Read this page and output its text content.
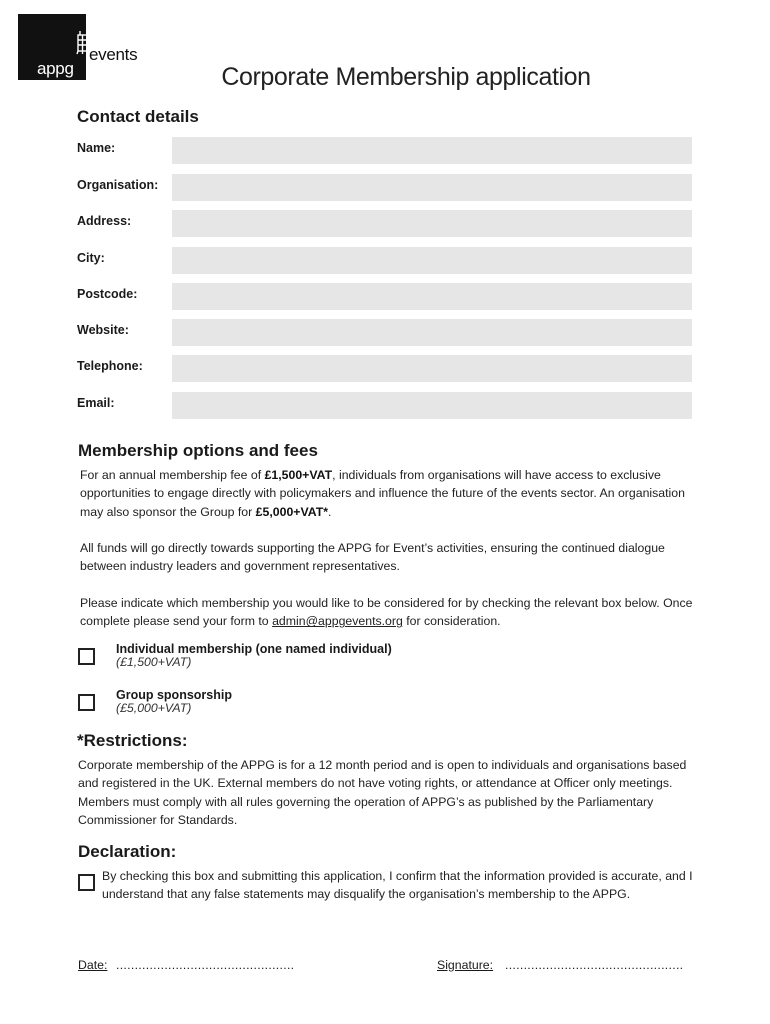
appg
events
Corporate Membership application
Contact details
Name:
Organisation:
Address:
City:
Postcode:
Website:
Telephone:
Email:
Membership options and fees

For an annual membership fee of £1,500+VAT, individuals from organisations will have access to exclusive opportunities to engage directly with policymakers and influence the future of the events sector. An organisation may also sponsor the Group for £5,000+VAT*.

All funds will go directly towards supporting the APPG for Event’s activities, ensuring the continued dialogue between industry leaders and government representatives.

Please indicate which membership you would like to be considered for by checking the relevant box below. Once complete please send your form to admin@appgevents.org for consideration.

Individual membership (one named individual)
(£1,500+VAT)
Group sponsorship
(£5,000+VAT)
*Restrictions:

Corporate membership of the APPG is for a 12 month period and is open to individuals and organisations based and registered in the UK. External members do not have voting rights, or attendance at Officer only meetings. Members must comply with all rules governing the operation of APPG’s as published by the Parliamentary Commissioner for Standards.

Declaration:

By checking this box and submitting this application, I confirm that the information provided is accurate, and I understand that any false statements may disqualify the organisation’s membership to the APPG.

Date: ................................................	Signature: ................................................
